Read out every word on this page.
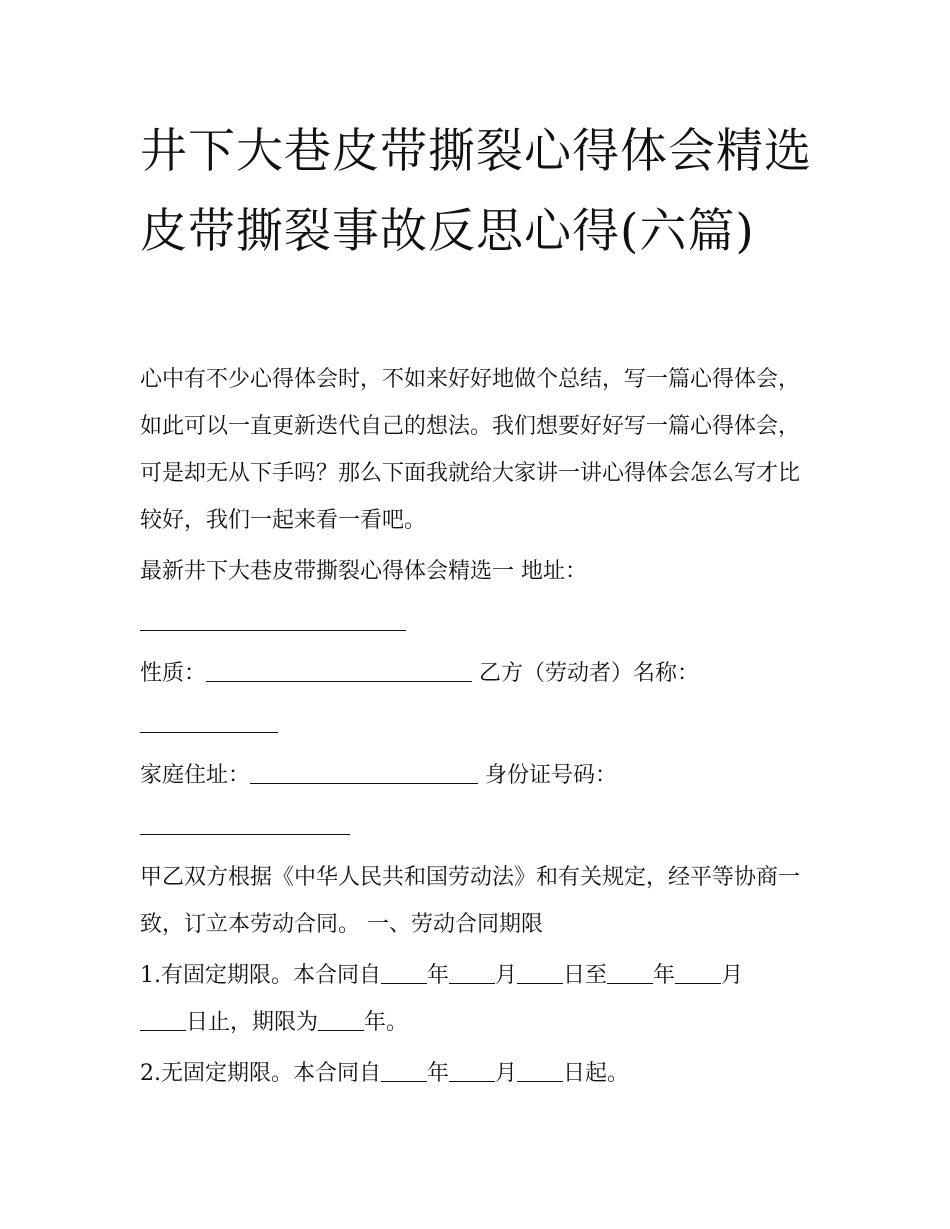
井下大巷皮带撕裂心得体会精选 皮带撕裂事故反思心得(六篇)

心中有不少心得体会时，不如来好好地做个总结，写一篇心得体会，如此可以一直更新迭代自己的想法。我们想要好好写一篇心得体会，可是却无从下手吗？那么下面我就给大家讲一讲心得体会怎么写才比较好，我们一起来看一看吧。

最新井下大巷皮带撕裂心得体会精选一 地址：

性质：	乙方（劳动者）名称：

家庭住址：	身份证号码：

甲乙双方根据《中华人民共和国劳动法》和有关规定，经平等协商一致，订立本劳动合同。 一、劳动合同期限

1.有固定期限。本合同自 年 月 日至 年 月
日止，期限为 年。

2.无固定期限。本合同自 年 月 日起。
